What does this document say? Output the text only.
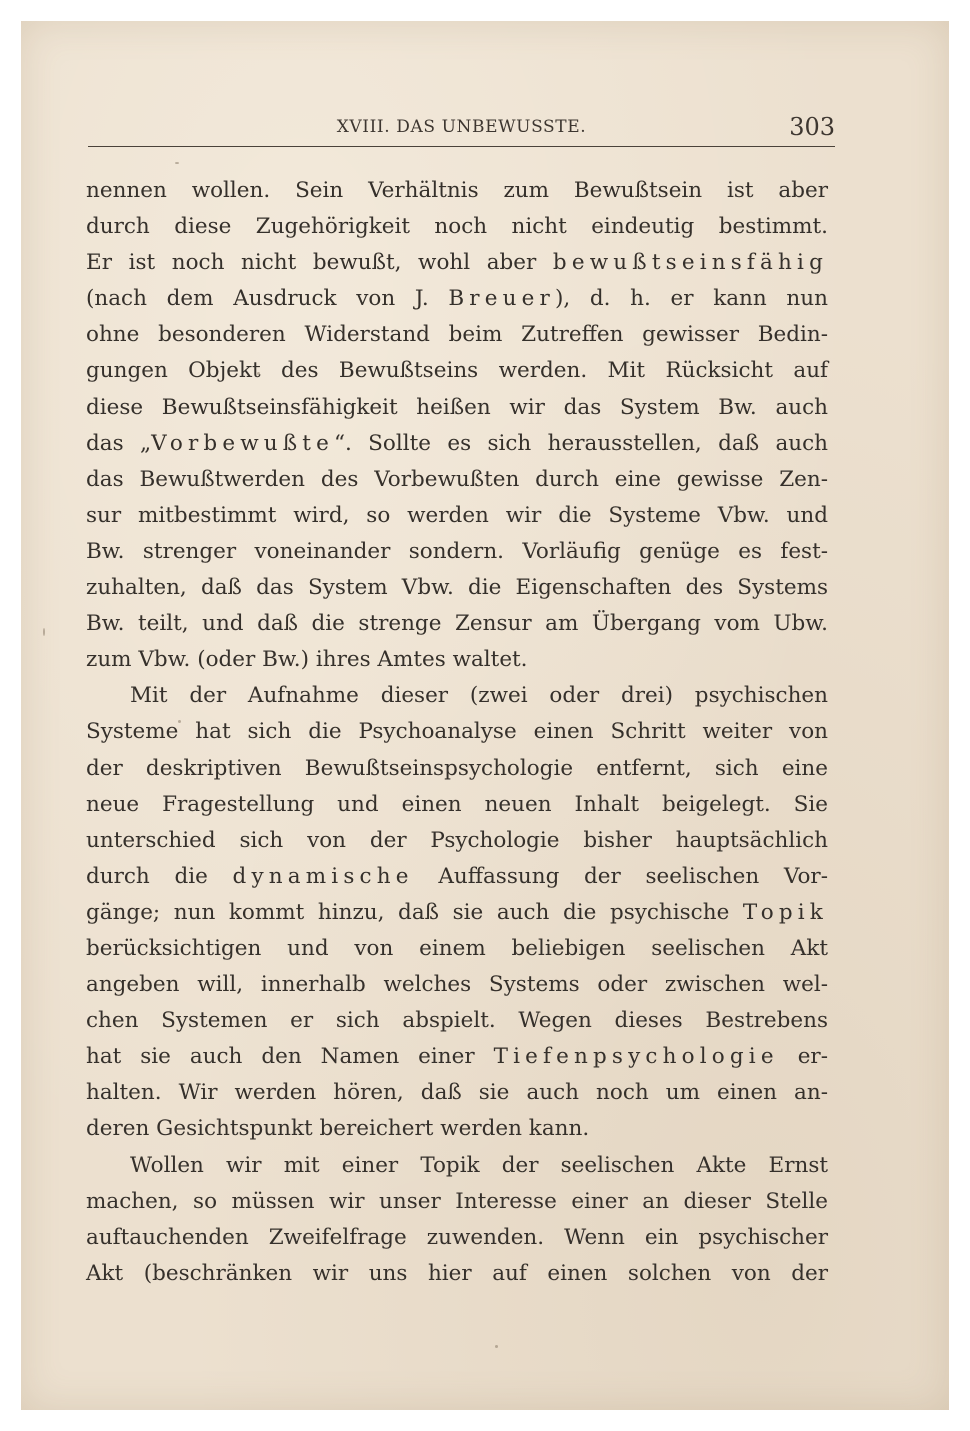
XVIII. DAS UNBEWUSSTE.	303

nennen wollen. Sein Verhältnis zum Bewußtsein ist aber

durch diese Zugehörigkeit noch nicht eindeutig bestimmt.

Er ist noch nicht bewußt, wohl aber bewußtseinsfähig

(nach dem Ausdruck von J. Breuer), d. h. er kann nun

ohne besonderen Widerstand beim Zutreffen gewisser Bedin-

gungen Objekt des Bewußtseins werden. Mit Rücksicht auf

diese Bewußtseinsfähigkeit heißen wir das System Bw. auch

das „Vorbewußte“. Sollte es sich herausstellen, daß auch

das Bewußtwerden des Vorbewußten durch eine gewisse Zen-

sur mitbestimmt wird, so werden wir die Systeme Vbw. und

Bw. strenger voneinander sondern. Vorläufig genüge es fest-

zuhalten, daß das System Vbw. die Eigenschaften des Systems

Bw. teilt, und daß die strenge Zensur am Übergang vom Ubw.

zum Vbw. (oder Bw.) ihres Amtes waltet.

Mit der Aufnahme dieser (zwei oder drei) psychischen

Systeme hat sich die Psychoanalyse einen Schritt weiter von

der deskriptiven Bewußtseinspsychologie entfernt, sich eine

neue Fragestellung und einen neuen Inhalt beigelegt. Sie

unterschied sich von der Psychologie bisher hauptsächlich

durch die dynamische Auffassung der seelischen Vor-

gänge; nun kommt hinzu, daß sie auch die psychische Topik

berücksichtigen und von einem beliebigen seelischen Akt

angeben will, innerhalb welches Systems oder zwischen wel-

chen Systemen er sich abspielt. Wegen dieses Bestrebens

hat sie auch den Namen einer Tiefenpsychologie er-

halten. Wir werden hören, daß sie auch noch um einen an-

deren Gesichtspunkt bereichert werden kann.

Wollen wir mit einer Topik der seelischen Akte Ernst

machen, so müssen wir unser Interesse einer an dieser Stelle

auftauchenden Zweifelfrage zuwenden. Wenn ein psychischer

Akt (beschränken wir uns hier auf einen solchen von der
